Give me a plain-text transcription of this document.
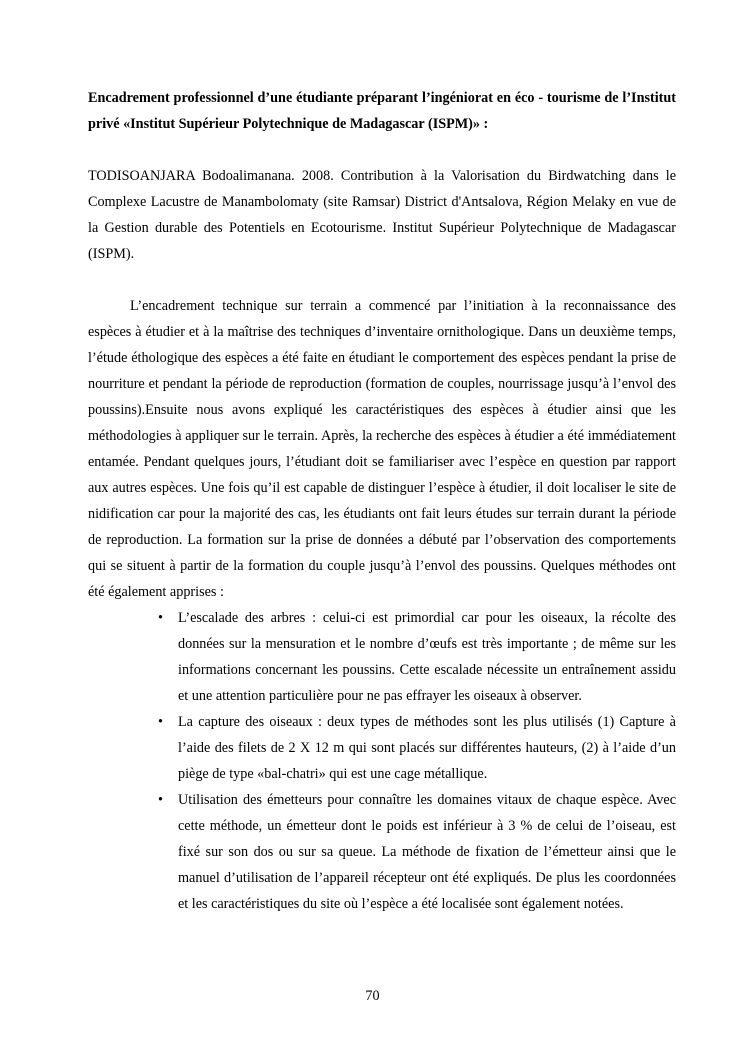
Encadrement professionnel d’une étudiante préparant l’ingéniorat en éco - tourisme de l’Institut privé «Institut Supérieur Polytechnique de Madagascar (ISPM)» :

TODISOANJARA Bodoalimanana. 2008. Contribution à la Valorisation du Birdwatching dans le Complexe Lacustre de Manambolomaty (site Ramsar) District d'Antsalova, Région Melaky en vue de la Gestion durable des Potentiels en Ecotourisme. Institut Supérieur Polytechnique de Madagascar (ISPM).

L’encadrement technique sur terrain a commencé par l’initiation à la reconnaissance des espèces à étudier et à la maîtrise des techniques d’inventaire ornithologique. Dans un deuxième temps, l’étude éthologique des espèces a été faite en étudiant le comportement des espèces pendant la prise de nourriture et pendant la période de reproduction (formation de couples, nourrissage jusqu’à l’envol des poussins).Ensuite nous avons expliqué les caractéristiques des espèces à étudier ainsi que les méthodologies à appliquer sur le terrain. Après, la recherche des espèces à étudier a été immédiatement entamée. Pendant quelques jours, l’étudiant doit se familiariser avec l’espèce en question par rapport aux autres espèces. Une fois qu’il est capable de distinguer l’espèce à étudier, il doit localiser le site de nidification car pour la majorité des cas, les étudiants ont fait leurs études sur terrain durant la période de reproduction. La formation sur la prise de données a débuté par l’observation des comportements qui se situent à partir de la formation du couple jusqu’à l’envol des poussins. Quelques méthodes ont été également apprises :

• L’escalade des arbres : celui-ci est primordial car pour les oiseaux, la récolte des données sur la mensuration et le nombre d’œufs est très importante ; de même sur les informations concernant les poussins. Cette escalade nécessite un entraînement assidu et une attention particulière pour ne pas effrayer les oiseaux à observer.
• La capture des oiseaux : deux types de méthodes sont les plus utilisés (1) Capture à l’aide des filets de 2 X 12 m qui sont placés sur différentes hauteurs, (2) à l’aide d’un piège de type «bal-chatri» qui est une cage métallique.
• Utilisation des émetteurs pour connaître les domaines vitaux de chaque espèce. Avec cette méthode, un émetteur dont le poids est inférieur à 3 % de celui de l’oiseau, est fixé sur son dos ou sur sa queue. La méthode de fixation de l’émetteur ainsi que le manuel d’utilisation de l’appareil récepteur ont été expliqués. De plus les coordonnées et les caractéristiques du site où l’espèce a été localisée sont également notées.
70
